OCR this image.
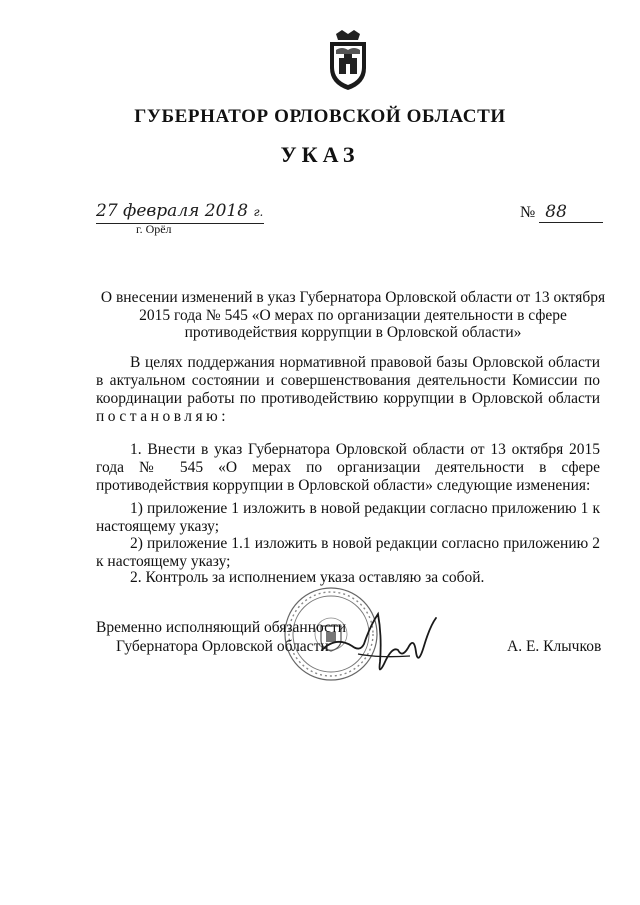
ГУБЕРНАТОР ОРЛОВСКОЙ ОБЛАСТИ
УКАЗ
27 февраля 2018 г.
г. Орёл
№ 88
О внесении изменений в указ Губернатора Орловской области от 13 октября 2015 года № 545 «О мерах по организации деятельности в сфере противодействия коррупции в Орловской области»
В целях поддержания нормативной правовой базы Орловской области в актуальном состоянии и совершенствования деятельности Комиссии по координации работы по противодействию коррупции в Орловской области постановляю:
1. Внести в указ Губернатора Орловской области от 13 октября 2015 года № 545 «О мерах по организации деятельности в сфере противодействия коррупции в Орловской области» следующие изменения:
1) приложение 1 изложить в новой редакции согласно приложению 1 к настоящему указу;
2) приложение 1.1 изложить в новой редакции согласно приложению 2 к настоящему указу;
2. Контроль за исполнением указа оставляю за собой.
Временно исполняющий обязанности
Губернатора Орловской области	А. Е. Клычков
